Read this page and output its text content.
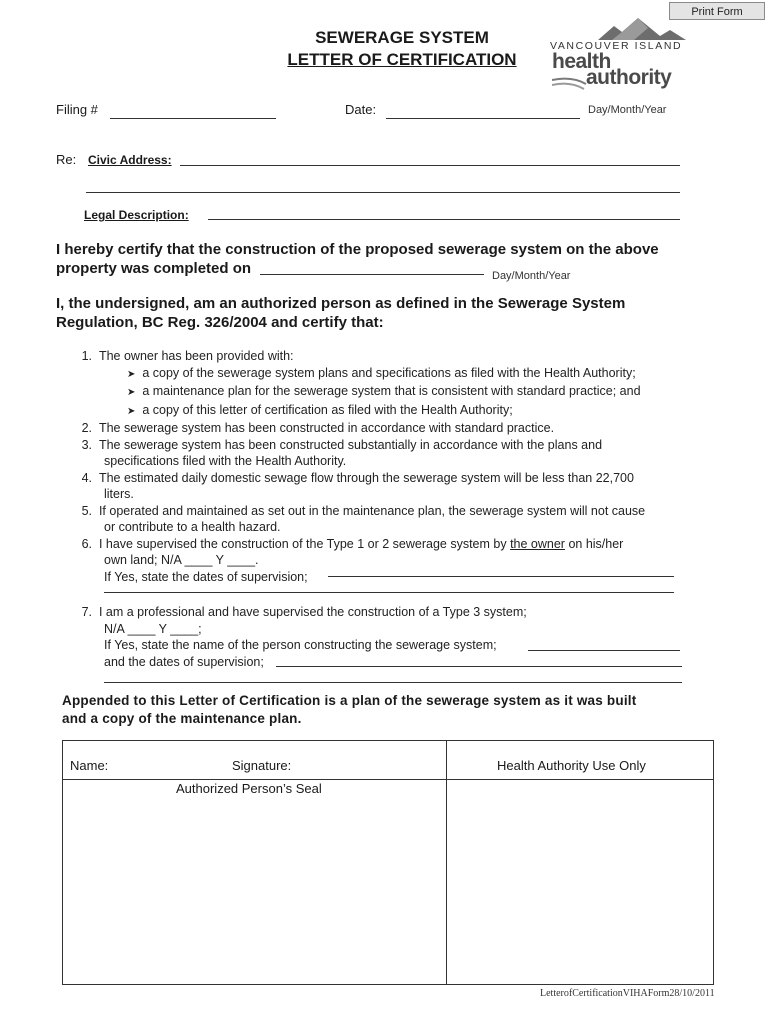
Print Form
SEWERAGE SYSTEM
LETTER OF CERTIFICATION
VANCOUVER ISLAND
health
authority
Filing #	Date:	Day/Month/Year
Re: Civic Address:
Legal Description:
I hereby certify that the construction of the proposed sewerage system on the above
property was completed on	Day/Month/Year
I, the undersigned, am an authorized person as defined in the Sewerage System
Regulation, BC Reg. 326/2004 and certify that:
1. The owner has been provided with:
➤ a copy of the sewerage system plans and specifications as filed with the Health Authority;
➤ a maintenance plan for the sewerage system that is consistent with standard practice; and
➤ a copy of this letter of certification as filed with the Health Authority;
2. The sewerage system has been constructed in accordance with standard practice.
3. The sewerage system has been constructed substantially in accordance with the plans and
specifications filed with the Health Authority.
4. The estimated daily domestic sewage flow through the sewerage system will be less than 22,700
liters.
5. If operated and maintained as set out in the maintenance plan, the sewerage system will not cause
or contribute to a health hazard.
6. I have supervised the construction of the Type 1 or 2 sewerage system by the owner on his/her
own land; N/A ____ Y ____.
If Yes, state the dates of supervision;
7. I am a professional and have supervised the construction of a Type 3 system;
N/A ____ Y ____;
If Yes, state the name of the person constructing the sewerage system;
and the dates of supervision;
Appended to this Letter of Certification is a plan of the sewerage system as it was built
and a copy of the maintenance plan.
Name:	Signature:	Health Authority Use Only
Authorized Person’s Seal
LetterofCertificationVIHAForm28/10/2011
